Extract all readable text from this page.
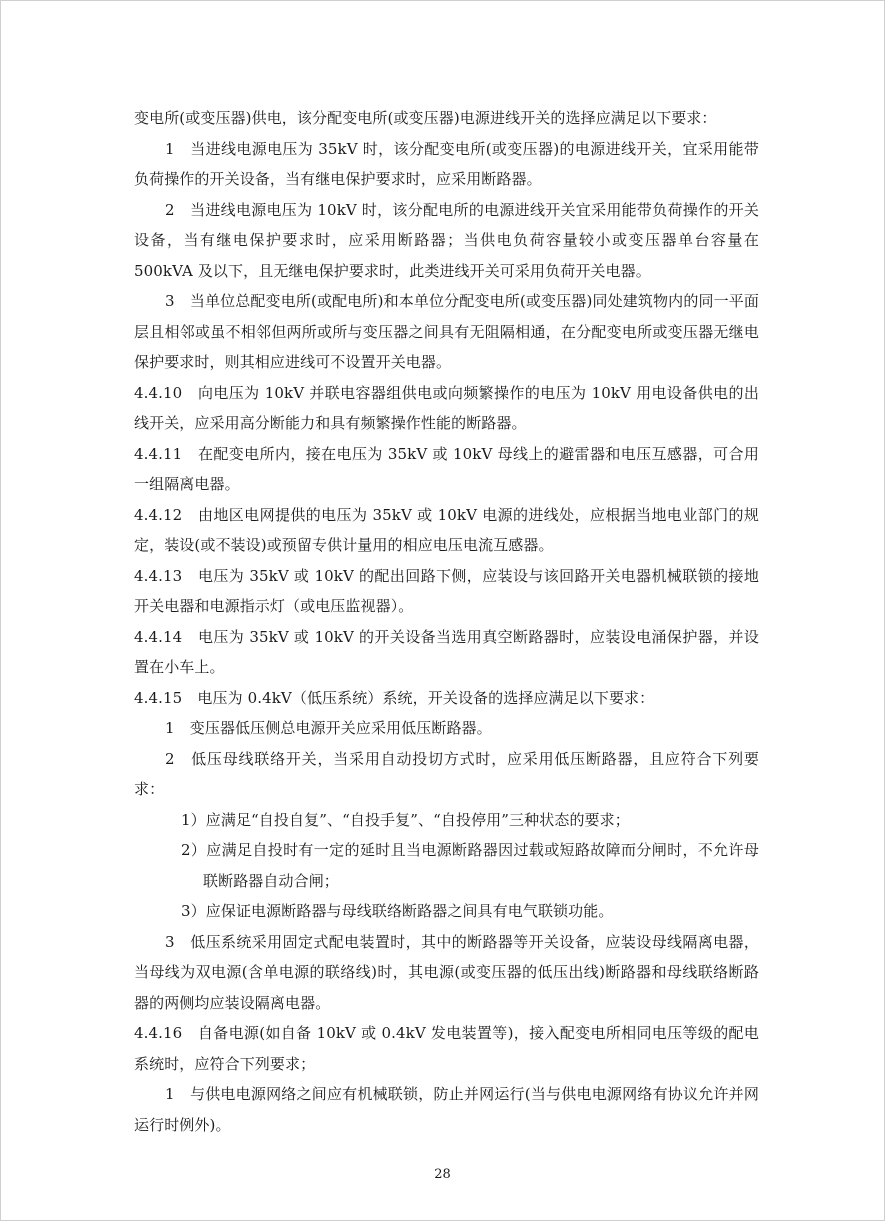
变电所(或变压器)供电，该分配变电所(或变压器)电源进线开关的选择应满足以下要求：

1　当进线电源电压为 35kV 时，该分配变电所(或变压器)的电源进线开关，宜采用能带负荷操作的开关设备，当有继电保护要求时，应采用断路器。

2　当进线电源电压为 10kV 时，该分配电所的电源进线开关宜采用能带负荷操作的开关设备，当有继电保护要求时，应采用断路器；当供电负荷容量较小或变压器单台容量在 500kVA 及以下，且无继电保护要求时，此类进线开关可采用负荷开关电器。

3　当单位总配变电所(或配电所)和本单位分配变电所(或变压器)同处建筑物内的同一平面层且相邻或虽不相邻但两所或所与变压器之间具有无阻隔相通，在分配变电所或变压器无继电保护要求时，则其相应进线可不设置开关电器。

4.4.10　向电压为 10kV 并联电容器组供电或向频繁操作的电压为 10kV 用电设备供电的出线开关，应采用高分断能力和具有频繁操作性能的断路器。

4.4.11　在配变电所内，接在电压为 35kV 或 10kV 母线上的避雷器和电压互感器，可合用一组隔离电器。

4.4.12　由地区电网提供的电压为 35kV 或 10kV 电源的进线处，应根据当地电业部门的规定，装设(或不装设)或预留专供计量用的相应电压电流互感器。

4.4.13　电压为 35kV 或 10kV 的配出回路下侧，应装设与该回路开关电器机械联锁的接地开关电器和电源指示灯（或电压监视器）。

4.4.14　电压为 35kV 或 10kV 的开关设备当选用真空断路器时，应装设电涌保护器，并设置在小车上。

4.4.15　电压为 0.4kV（低压系统）系统，开关设备的选择应满足以下要求：

1　变压器低压侧总电源开关应采用低压断路器。

2　低压母线联络开关，当采用自动投切方式时，应采用低压断路器，且应符合下列要求：

1）应满足“自投自复”、“自投手复”、“自投停用”三种状态的要求；

2）应满足自投时有一定的延时且当电源断路器因过载或短路故障而分闸时，不允许母联断路器自动合闸；

3）应保证电源断路器与母线联络断路器之间具有电气联锁功能。

3　低压系统采用固定式配电装置时，其中的断路器等开关设备，应装设母线隔离电器，当母线为双电源(含单电源的联络线)时，其电源(或变压器的低压出线)断路器和母线联络断路器的两侧均应装设隔离电器。

4.4.16　自备电源(如自备 10kV 或 0.4kV 发电装置等)，接入配变电所相同电压等级的配电系统时，应符合下列要求；

1　与供电电源网络之间应有机械联锁，防止并网运行(当与供电电源网络有协议允许并网运行时例外)。

28
